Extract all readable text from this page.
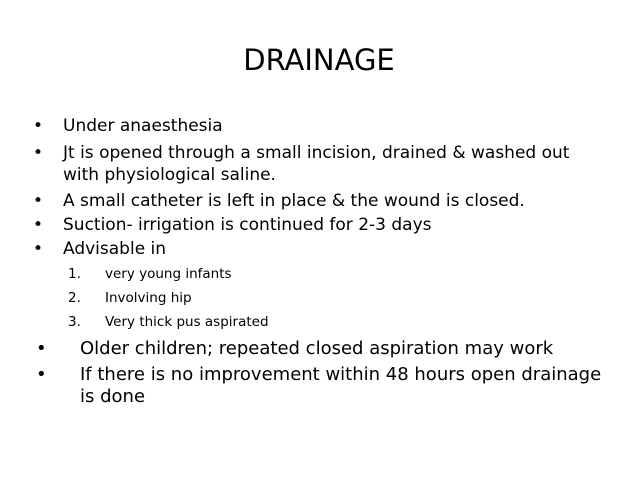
DRAINAGE
• Under anaesthesia
• Jt is opened through a small incision, drained & washed out
with physiological saline.
• A small catheter is left in place & the wound is closed.
• Suction- irrigation is continued for 2-3 days
• Advisable in
1. very young infants
2. Involving hip
3. Very thick pus aspirated
• Older children; repeated closed aspiration may work
• If there is no improvement within 48 hours open drainage
is done
